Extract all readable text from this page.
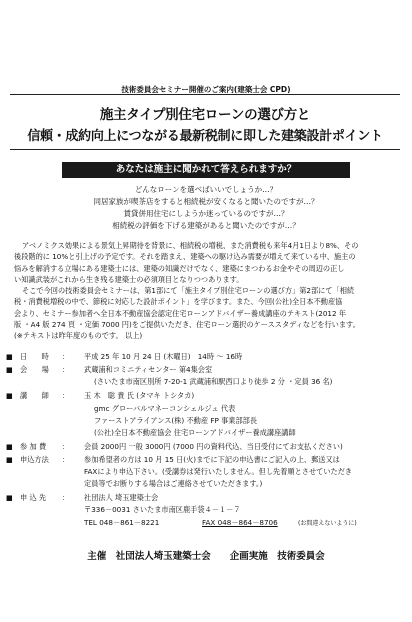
技術委員会セミナー開催のご案内(建築士会 CPD)
施主タイプ別住宅ローンの選び方と
信頼・成約向上につながる最新税制に即した建築設計ポイント
あなたは施主に聞かれて答えられますか？
どんなローンを選べばいいでしょうか…？
同居家族が喫茶店をすると相続税が安くなると聞いたのですが…？
賃貸併用住宅にしようか迷っているのですが…？
相続税の評価を下げる建築があると聞いたのですが…？
アベノミクス効果による景気上昇期待を背景に、相続税の増税、また消費税も来年4月1日より8%、その
後段階的に 10%と引上げの予定です。それを踏まえ、建築への駆け込み需要が増えて来ている中、施主の
悩みを解消する立場にある建築士には、建築の知識だけでなく、建築にまつわるお金やその周辺の正し
い知識武装がこれから生き残る建築士の必須項目となりつつあります。
そこで今回の技術委員会セミナーは、第1部にて「施主タイプ別住宅ローンの選び方」第2部にて「相続
税・消費税増税の中で、節税に対応した設計ポイント」を学びます。また、今回(公社)全日本不動産協
会より、セミナー参加者へ全日本不動産協会認定住宅ローンアドバイザー養成講座のテキスト(2012 年
版 ・A4 版 274 頁 ・定価 7000 円)をご提供いただき、住宅ローン選択のケーススタディなどを行います。
(※テキストは昨年度のものです。 以上)
■ 日　　時 ： 平成 25 年 10 月 24 日 (木曜日)　14時 ～ 16時
■ 会　　場 ： 武蔵浦和コミニティセンター 第4集会室
(さいたま市南区別所 7-20-1 武蔵浦和駅西口より徒歩 2 分 ・定員 36 名)
■ 講　　師 ： 玉 木　聡 貴 氏 (タマキ トシタカ)
gmc グローバルマネーコンシェルジュ 代表
ファーストアライアンス(株) 不動産 FP 事業部部長
(公社)全日本不動産協会 住宅ローンアドバイザー養成講座講師
■ 参 加 費 ： 会員 2000円 一般 3000円 (7000 円の資料代込、当日受付にてお支払ください)
■ 申込方法 ： 参加希望者の方は 10 月 15 日(火)までに下記の申込書にご記入の上、郵送又は
FAXにより申込下さい。(受講券は発行いたしません。但し先着順とさせていただき
定員等でお断りする場合はご連絡させていただきます。)
■ 申 込 先 ： 社団法人 埼玉建築士会
〒336－0031 さいたま市南区鹿手袋４－１－７
TEL 048－861－8221	FAX 048－864－8706	(お間違えないように)
主催　社団法人埼玉建築士会　　企画実施　技術委員会
